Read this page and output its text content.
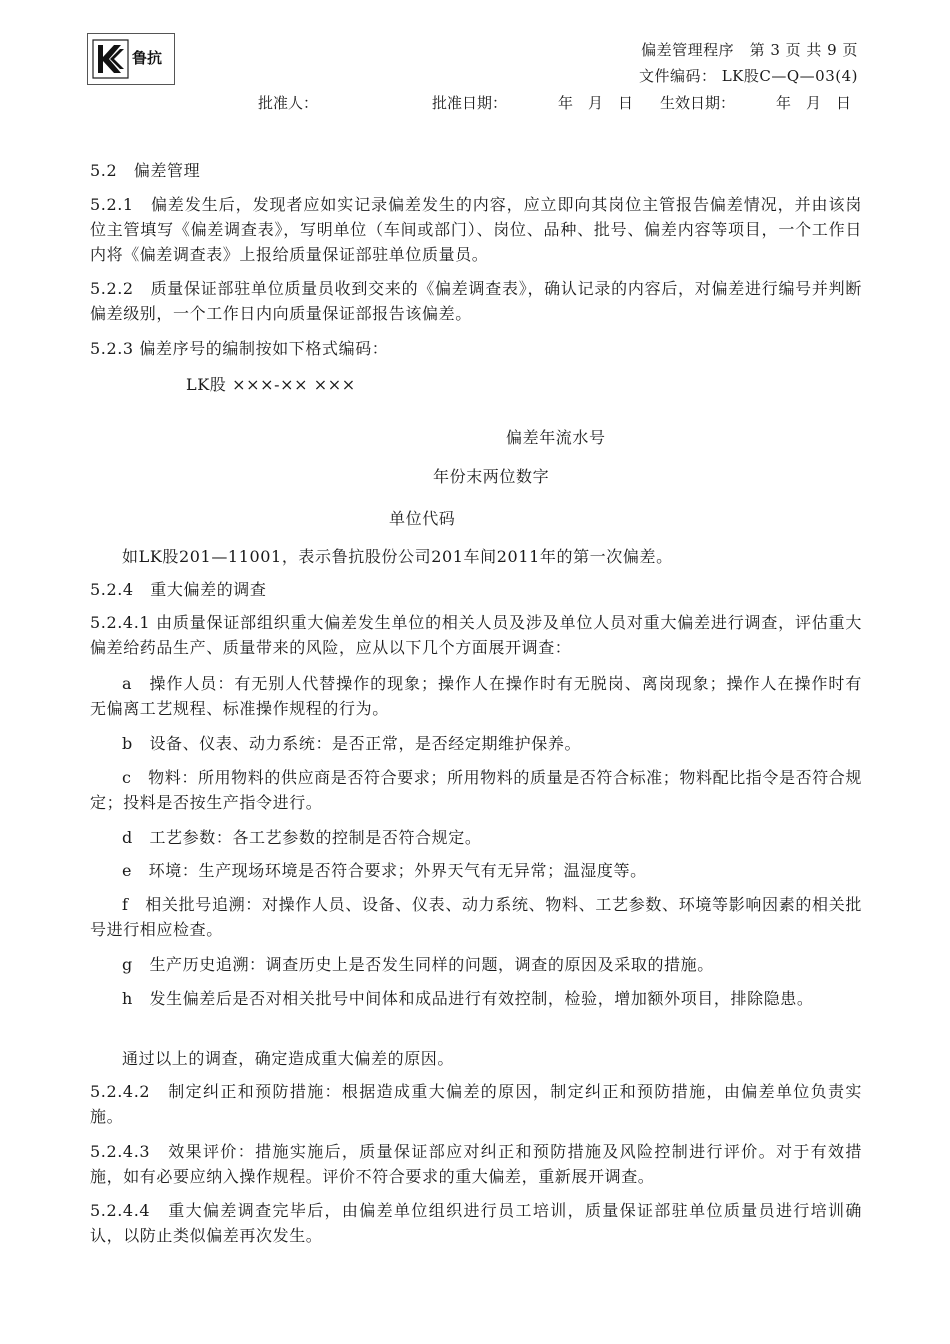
鲁抗	偏差管理程序　第 3 页 共 9 页
文件编码： LK股C—Q—03(4)
批准人：	批准日期：	年　月　日 生效日期：	年　月　日

5.2　偏差管理

5.2.1　偏差发生后，发现者应如实记录偏差发生的内容，应立即向其岗位主管报告偏差情况，并由该岗位主管填写《偏差调查表》，写明单位（车间或部门）、岗位、品种、批号、偏差内容等项目，一个工作日内将《偏差调查表》上报给质量保证部驻单位质量员。

5.2.2　质量保证部驻单位质量员收到交来的《偏差调查表》，确认记录的内容后，对偏差进行编号并判断偏差级别，一个工作日内向质量保证部报告该偏差。

5.2.3 偏差序号的编制按如下格式编码：

LK股 ×××-×× ×××
偏差年流水号
年份末两位数字
单位代码

如LK股201—11001，表示鲁抗股份公司201车间2011年的第一次偏差。

5.2.4　重大偏差的调查

5.2.4.1 由质量保证部组织重大偏差发生单位的相关人员及涉及单位人员对重大偏差进行调查，评估重大偏差给药品生产、质量带来的风险，应从以下几个方面展开调查：

a　操作人员：有无别人代替操作的现象；操作人在操作时有无脱岗、离岗现象；操作人在操作时有无偏离工艺规程、标准操作规程的行为。

b　设备、仪表、动力系统：是否正常，是否经定期维护保养。

c　物料：所用物料的供应商是否符合要求；所用物料的质量是否符合标准；物料配比指令是否符合规定；投料是否按生产指令进行。

d　工艺参数：各工艺参数的控制是否符合规定。

e　环境：生产现场环境是否符合要求；外界天气有无异常；温湿度等。

f　相关批号追溯：对操作人员、设备、仪表、动力系统、物料、工艺参数、环境等影响因素的相关批号进行相应检查。

g　生产历史追溯：调查历史上是否发生同样的问题，调查的原因及采取的措施。

h　发生偏差后是否对相关批号中间体和成品进行有效控制，检验，增加额外项目，排除隐患。

通过以上的调查，确定造成重大偏差的原因。

5.2.4.2　制定纠正和预防措施：根据造成重大偏差的原因，制定纠正和预防措施，由偏差单位负责实施。

5.2.4.3　效果评价：措施实施后，质量保证部应对纠正和预防措施及风险控制进行评价。对于有效措施，如有必要应纳入操作规程。评价不符合要求的重大偏差，重新展开调查。

5.2.4.4　重大偏差调查完毕后，由偏差单位组织进行员工培训，质量保证部驻单位质量员进行培训确认，以防止类似偏差再次发生。
